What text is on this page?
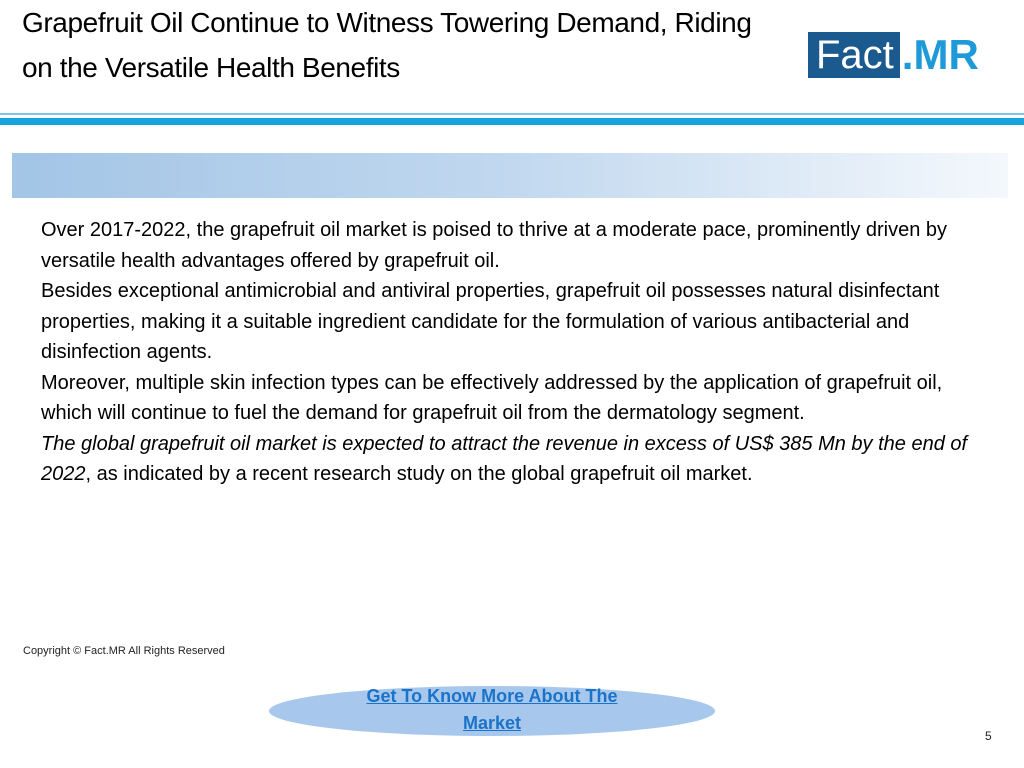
Grapefruit Oil Continue to Witness Towering Demand, Riding
on the Versatile Health Benefits	Fact .MR

Over 2017-2022, the grapefruit oil market is poised to thrive at a moderate pace, prominently driven by versatile health advantages offered by grapefruit oil.

Besides exceptional antimicrobial and antiviral properties, grapefruit oil possesses natural disinfectant properties, making it a suitable ingredient candidate for the formulation of various antibacterial and disinfection agents.

Moreover, multiple skin infection types can be effectively addressed by the application of grapefruit oil, which will continue to fuel the demand for grapefruit oil from the dermatology segment.

The global grapefruit oil market is expected to attract the revenue in excess of US$ 385 Mn by the end of 2022, as indicated by a recent research study on the global grapefruit oil market.

Copyright © Fact.MR All Rights Reserved
Get To Know More About The Market
5
